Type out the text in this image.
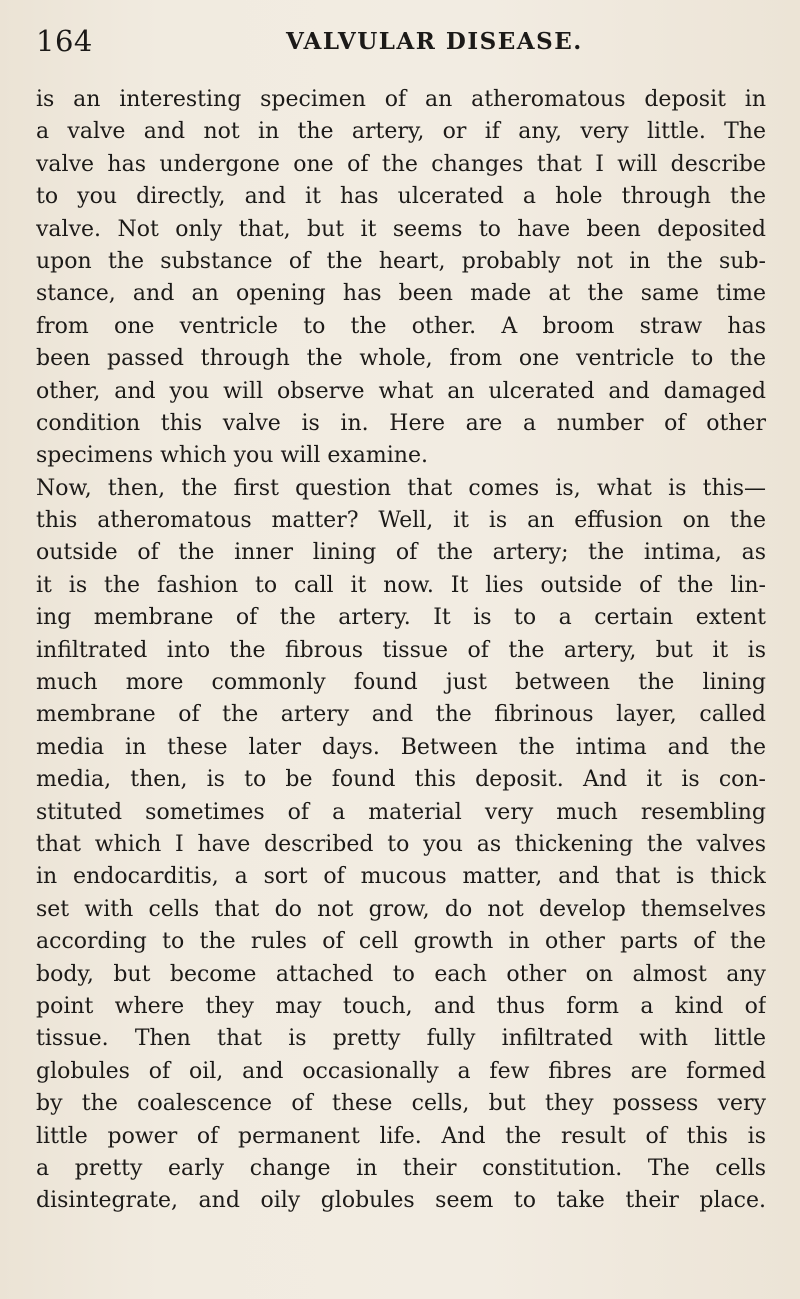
164	VALVULAR DISEASE.
is an interesting specimen of an atheromatous deposit in
a valve and not in the artery, or if any, very little. The
valve has undergone one of the changes that I will describe
to you directly, and it has ulcerated a hole through the
valve. Not only that, but it seems to have been deposited
upon the substance of the heart, probably not in the sub-
stance, and an opening has been made at the same time
from one ventricle to the other. A broom straw has
been passed through the whole, from one ventricle to the
other, and you will observe what an ulcerated and damaged
condition this valve is in. Here are a number of other
specimens which you will examine.
Now, then, the first question that comes is, what is this—
this atheromatous matter? Well, it is an effusion on the
outside of the inner lining of the artery; the intima, as
it is the fashion to call it now. It lies outside of the lin-
ing membrane of the artery. It is to a certain extent
infiltrated into the fibrous tissue of the artery, but it is
much more commonly found just between the lining
membrane of the artery and the fibrinous layer, called
media in these later days. Between the intima and the
media, then, is to be found this deposit. And it is con-
stituted sometimes of a material very much resembling
that which I have described to you as thickening the valves
in endocarditis, a sort of mucous matter, and that is thick
set with cells that do not grow, do not develop themselves
according to the rules of cell growth in other parts of the
body, but become attached to each other on almost any
point where they may touch, and thus form a kind of
tissue. Then that is pretty fully infiltrated with little
globules of oil, and occasionally a few fibres are formed
by the coalescence of these cells, but they possess very
little power of permanent life. And the result of this is
a pretty early change in their constitution. The cells
disintegrate, and oily globules seem to take their place.
